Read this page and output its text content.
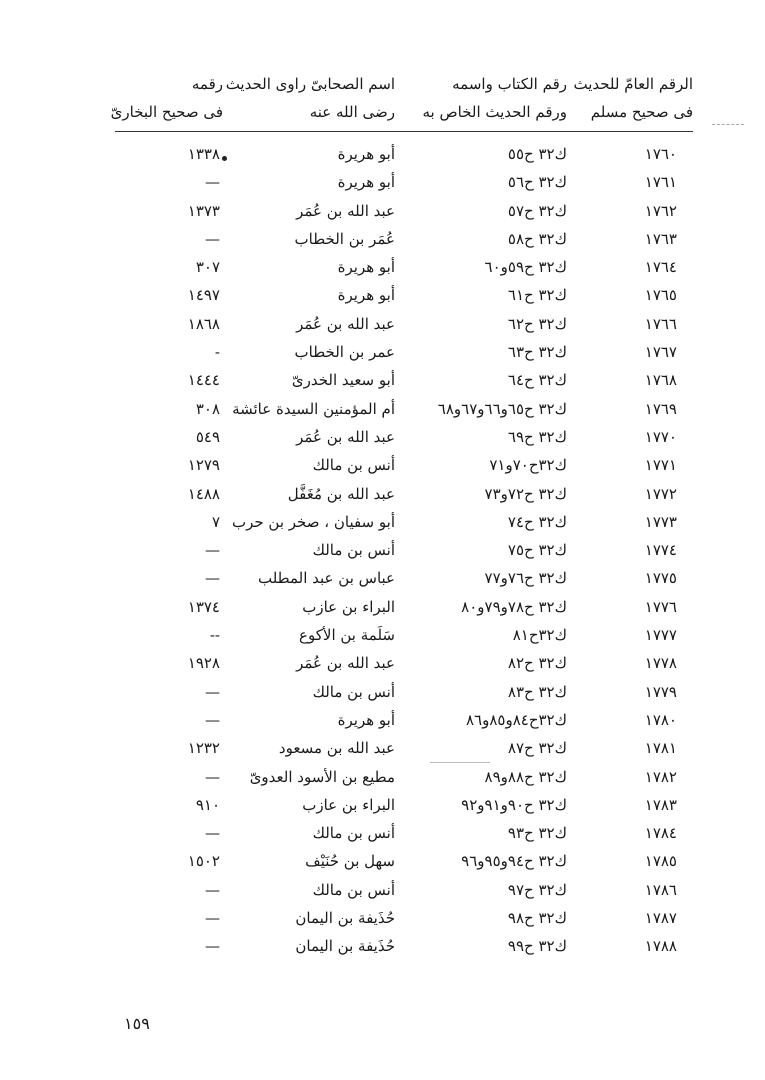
الرقم العامّ للحديث
فى صحيح مسلم
رقم الكتاب واسمه
ورقم الحديث الخاص به
اسم الصحابىّ راوى الحديث
رضى الله عنه
رقمه
فى صحيح البخارىّ
١٧٦٠
ك٣٢ ح٥٥
أبو هريرة
١٣٣٨
١٧٦١
ك٣٢ ح٥٦
أبو هريرة
—
١٧٦٢
ك٣٢ ح٥٧
عبد الله بن عُمَر
١٣٧٣
١٧٦٣
ك٣٢ ح٥٨
عُمَر بن الخطاب
—
١٧٦٤
ك٣٢ ح٥٩و٦٠
أبو هريرة
٣٠٧
١٧٦٥
ك٣٢ ح٦١
أبو هريرة
١٤٩٧
١٧٦٦
ك٣٢ ح٦٢
عبد الله بن عُمَر
١٨٦٨
١٧٦٧
ك٣٢ ح٦٣
عمر بن الخطاب
-
١٧٦٨
ك٣٢ ح٦٤
أبو سعيد الخدرىّ
١٤٤٤
١٧٦٩
ك٣٢ ح٦٥و٦٦و٦٧و٦٨
أم المؤمنين السيدة عائشة
٣٠٨
١٧٧٠
ك٣٢ ح٦٩
عبد الله بن عُمَر
٥٤٩
١٧٧١
ك٣٢ح٧٠و٧١
أنس بن مالك
١٢٧٩
١٧٧٢
ك٣٢ ح٧٢و٧٣
عبد الله بن مُغَفَّل
١٤٨٨
١٧٧٣
ك٣٢ ح٧٤
أبو سفيان ، صخر بن حرب
٧
١٧٧٤
ك٣٢ ح٧٥
أنس بن مالك
—
١٧٧٥
ك٣٢ ح٧٦و٧٧
عباس بن عبد المطلب
—
١٧٧٦
ك٣٢ ح٧٨و٧٩و٨٠
البراء بن عازب
١٣٧٤
١٧٧٧
ك٣٢ح٨١
سَلَمة بن الأكوع
--
١٧٧٨
ك٣٢ ح٨٢
عبد الله بن عُمَر
١٩٢٨
١٧٧٩
ك٣٢ ح٨٣
أنس بن مالك
—
١٧٨٠
ك٣٢ح٨٤و٨٥و٨٦
أبو هريرة
—
١٧٨١
ك٣٢ ح٨٧
عبد الله بن مسعود
١٢٣٢
١٧٨٢
ك٣٢ ح٨٨و٨٩
مطيع بن الأسود العدوىّ
—
١٧٨٣
ك٣٢ ح٩٠و٩١و٩٢
البراء بن عازب
٩١٠
١٧٨٤
ك٣٢ ح٩٣
أنس بن مالك
—
١٧٨٥
ك٣٢ ح٩٤و٩٥و٩٦
سهل بن حُنَيْف
١٥٠٢
١٧٨٦
ك٣٢ ح٩٧
أنس بن مالك
—
١٧٨٧
ك٣٢ ح٩٨
حُذَيفة بن اليمان
—
١٧٨٨
ك٣٢ ح٩٩
حُذَيفة بن اليمان
—
١٥٩
